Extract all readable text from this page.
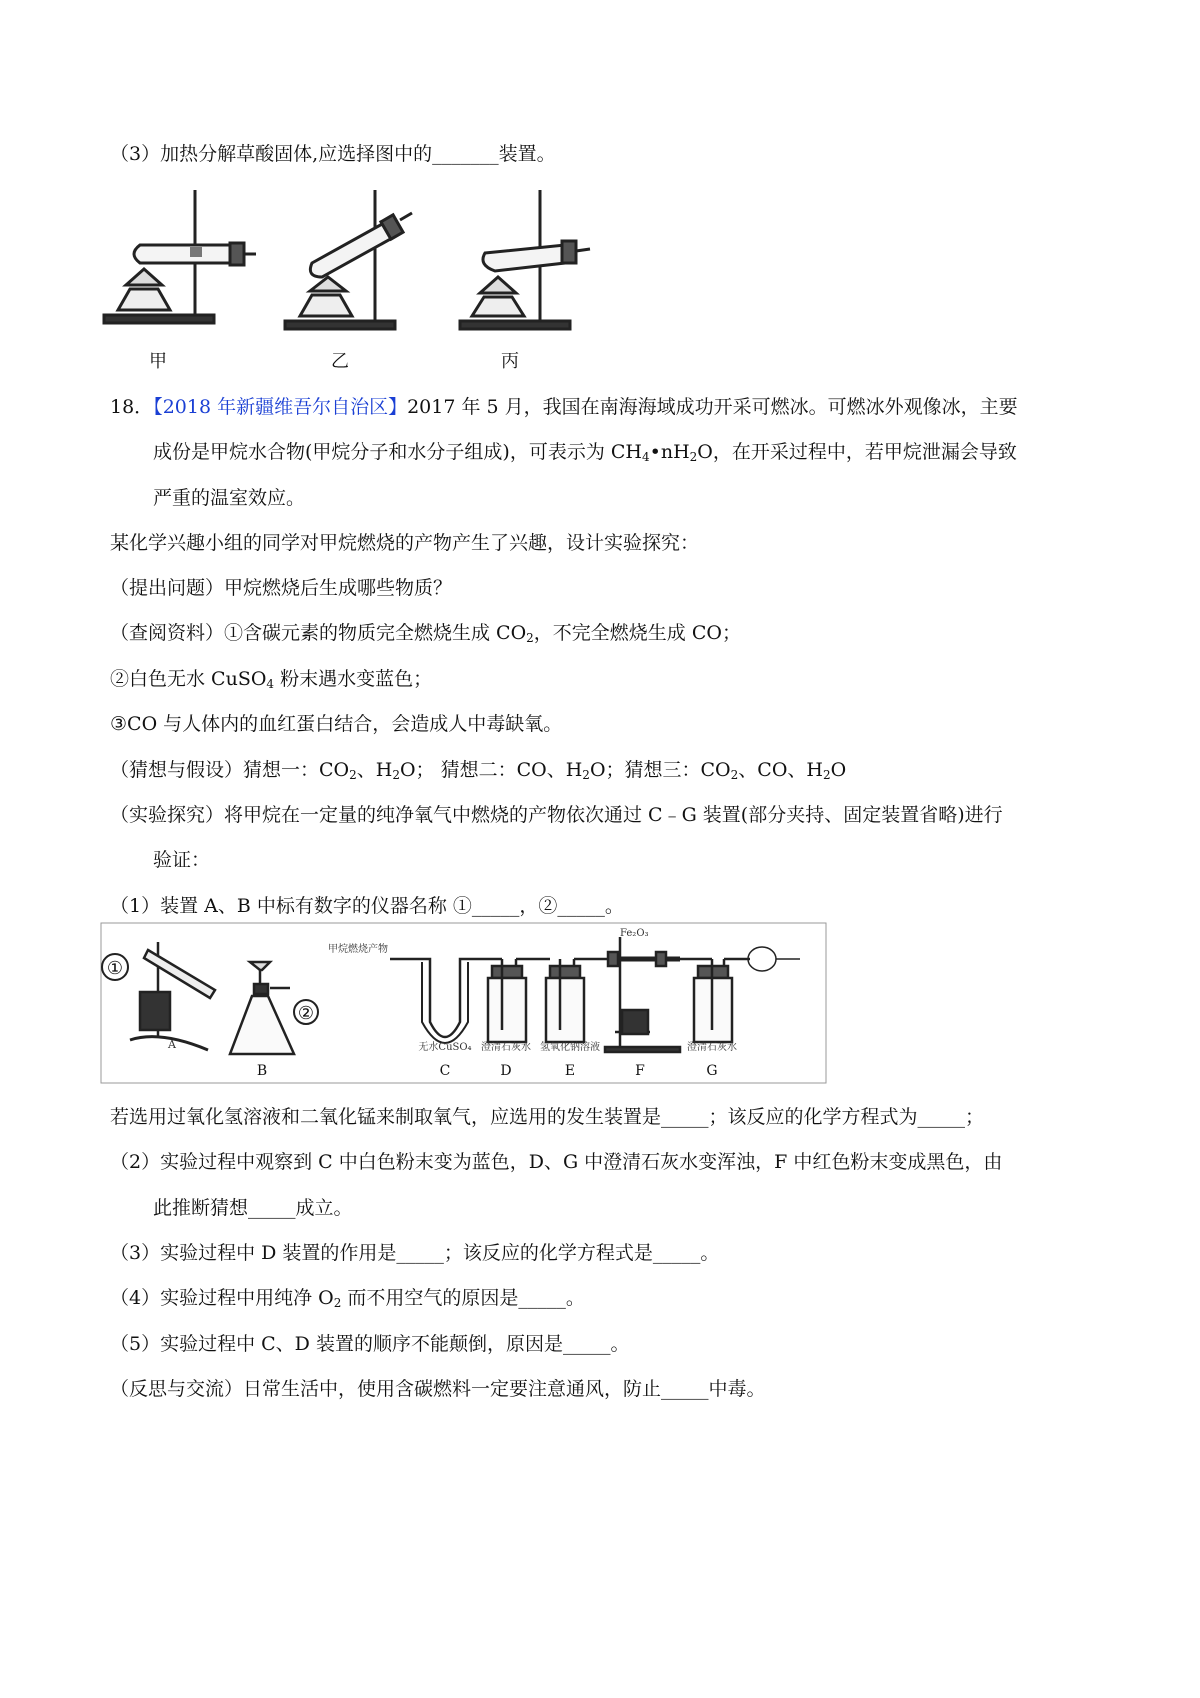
（3）加热分解草酸固体,应选择图中的_______装置。
甲	乙	丙
18．【2018 年新疆维吾尔自治区】2017 年 5 月，我国在南海海域成功开采可燃冰。可燃冰外观像冰，主要
成份是甲烷水合物(甲烷分子和水分子组成)，可表示为 $CH_4•nH_2O$，在开采过程中，若甲烷泄漏会导致
严重的温室效应。
某化学兴趣小组的同学对甲烷燃烧的产物产生了兴趣，设计实验探究：
（提出问题）甲烷燃烧后生成哪些物质？
（查阅资料）①含碳元素的物质完全燃烧生成 $CO_2$，不完全燃烧生成 CO；
②白色无水 CuSO$_4$ 粉末遇水变蓝色；
③CO 与人体内的血红蛋白结合，会造成人中毒缺氧。
（猜想与假设）猜想一：$CO_2$、$H_2O$； 猜想二：CO、$H_2O$；猜想三：$CO_2$、CO、$H_2O$
（实验探究）将甲烷在一定量的纯净氧气中燃烧的产物依次通过 C﹣G 装置(部分夹持、固定装置省略)进行
验证：
（1）装置 A、B 中标有数字的仪器名称 ①_____，②_____。
①
②
甲烷燃烧产物
Fe₂O₃
无水CuSO₄ 澄清石灰水 氢氧化钠溶液	澄清石灰水
A
B	C	D	E	F	G
若选用过氧化氢溶液和二氧化锰来制取氧气，应选用的发生装置是_____；该反应的化学方程式为_____；
（2）实验过程中观察到 C 中白色粉末变为蓝色，D、G 中澄清石灰水变浑浊，F 中红色粉末变成黑色，由
此推断猜想_____成立。
（3）实验过程中 D 装置的作用是_____；该反应的化学方程式是_____。
（4）实验过程中用纯净 $O_2$ 而不用空气的原因是_____。
（5）实验过程中 C、D 装置的顺序不能颠倒，原因是_____。
（反思与交流）日常生活中，使用含碳燃料一定要注意通风，防止_____中毒。
